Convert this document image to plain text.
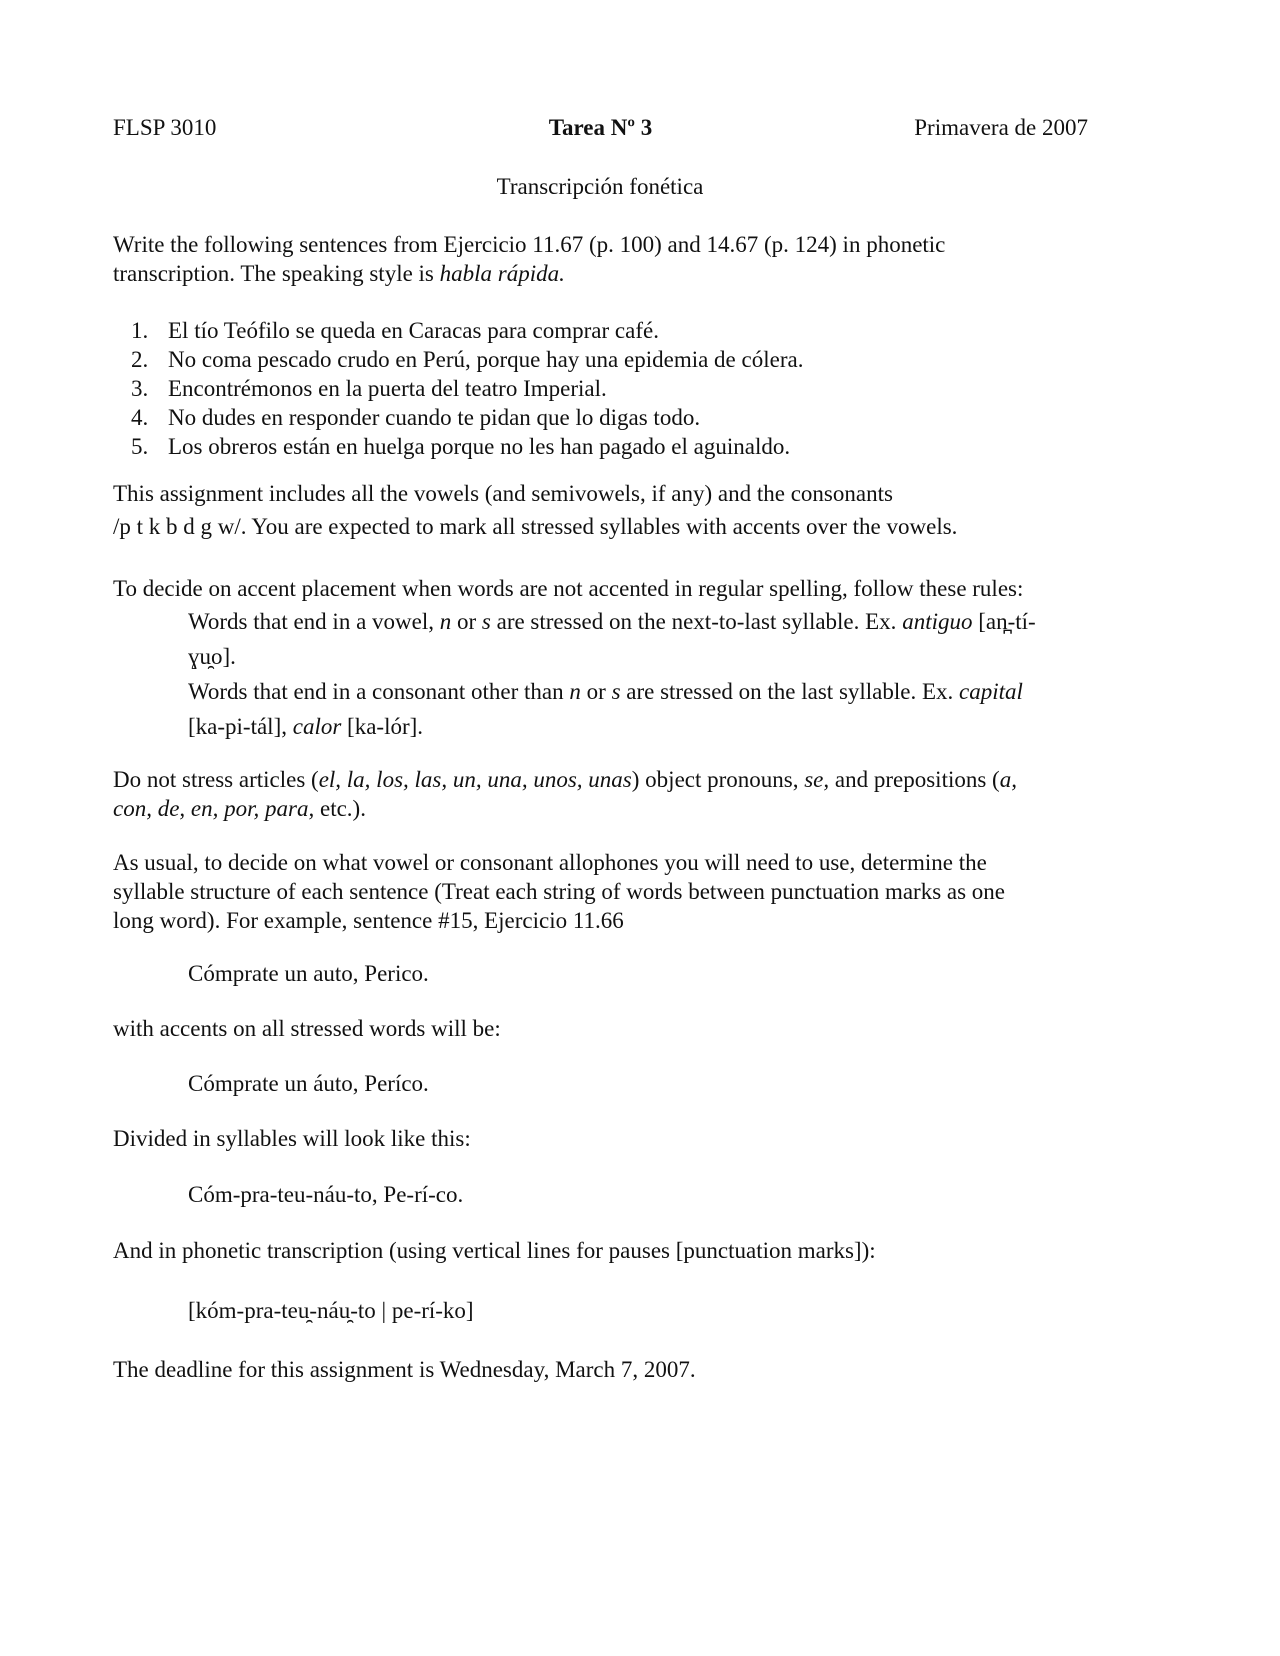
FLSP 3010	Tarea Nº 3	Primavera de 2007
Transcripción fonética
Write the following sentences from Ejercicio 11.67 (p. 100) and 14.67 (p. 124) in phonetic
transcription. The speaking style is habla rápida.
1. El tío Teófilo se queda en Caracas para comprar café.
2. No coma pescado crudo en Perú, porque hay una epidemia de cólera.
3. Encontrémonos en la puerta del teatro Imperial.
4. No dudes en responder cuando te pidan que lo digas todo.
5. Los obreros están en huelga porque no les han pagado el aguinaldo.
This assignment includes all the vowels (and semivowels, if any) and the consonants
/p t k b d g w/. You are expected to mark all stressed syllables with accents over the vowels.
To decide on accent placement when words are not accented in regular spelling, follow these rules:
Words that end in a vowel, n or s are stressed on the next-to-last syllable. Ex. antiguo [an̪-tí-
ɣu̯o].
Words that end in a consonant other than n or s are stressed on the last syllable. Ex. capital
[ka-pi-tál], calor [ka-lór].
Do not stress articles (el, la, los, las, un, una, unos, unas) object pronouns, se, and prepositions (a,
con, de, en, por, para, etc.).
As usual, to decide on what vowel or consonant allophones you will need to use, determine the
syllable structure of each sentence (Treat each string of words between punctuation marks as one
long word). For example, sentence #15, Ejercicio 11.66
Cómprate un auto, Perico.
with accents on all stressed words will be:
Cómprate un áuto, Períco.
Divided in syllables will look like this:
Cóm-pra-teu-náu-to, Pe-rí-co.
And in phonetic transcription (using vertical lines for pauses [punctuation marks]):
[kóm-pra-teu̯-náu̯-to | pe-rí-ko]
The deadline for this assignment is Wednesday, March 7, 2007.
